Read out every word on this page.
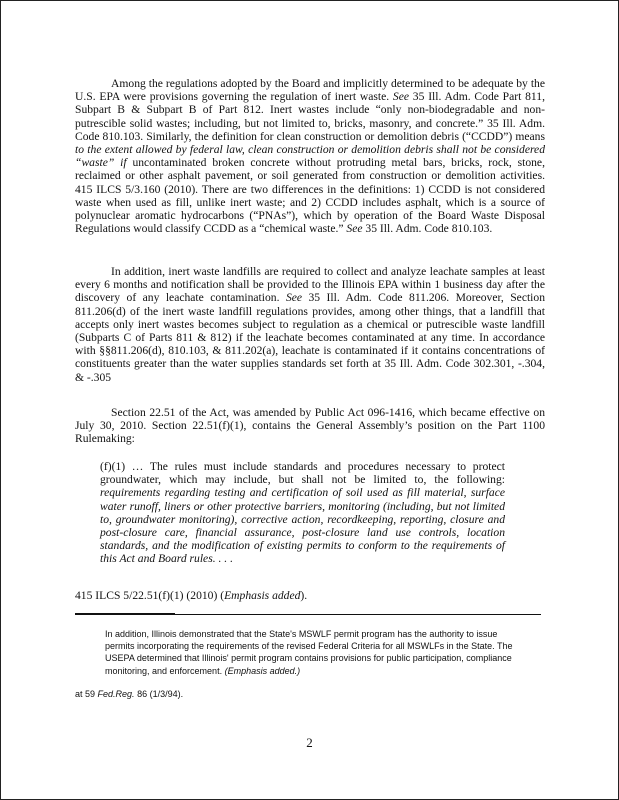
Among the regulations adopted by the Board and implicitly determined to be adequate by the U.S. EPA were provisions governing the regulation of inert waste. See 35 Ill. Adm. Code Part 811, Subpart B & Subpart B of Part 812. Inert wastes include “only non-biodegradable and non-putrescible solid wastes; including, but not limited to, bricks, masonry, and concrete.” 35 Ill. Adm. Code 810.103. Similarly, the definition for clean construction or demolition debris (“CCDD”) means to the extent allowed by federal law, clean construction or demolition debris shall not be considered “waste” if uncontaminated broken concrete without protruding metal bars, bricks, rock, stone, reclaimed or other asphalt pavement, or soil generated from construction or demolition activities. 415 ILCS 5/3.160 (2010). There are two differences in the definitions: 1) CCDD is not considered waste when used as fill, unlike inert waste; and 2) CCDD includes asphalt, which is a source of polynuclear aromatic hydrocarbons (“PNAs”), which by operation of the Board Waste Disposal Regulations would classify CCDD as a “chemical waste.” See 35 Ill. Adm. Code 810.103.

In addition, inert waste landfills are required to collect and analyze leachate samples at least every 6 months and notification shall be provided to the Illinois EPA within 1 business day after the discovery of any leachate contamination. See 35 Ill. Adm. Code 811.206. Moreover, Section 811.206(d) of the inert waste landfill regulations provides, among other things, that a landfill that accepts only inert wastes becomes subject to regulation as a chemical or putrescible waste landfill (Subparts C of Parts 811 & 812) if the leachate becomes contaminated at any time. In accordance with §§811.206(d), 810.103, & 811.202(a), leachate is contaminated if it contains concentrations of constituents greater than the water supplies standards set forth at 35 Ill. Adm. Code 302.301, -.304, & -.305

Section 22.51 of the Act, was amended by Public Act 096-1416, which became effective on July 30, 2010. Section 22.51(f)(1), contains the General Assembly’s position on the Part 1100 Rulemaking:

(f)(1) … The rules must include standards and procedures necessary to protect groundwater, which may include, but shall not be limited to, the following: requirements regarding testing and certification of soil used as fill material, surface water runoff, liners or other protective barriers, monitoring (including, but not limited to, groundwater monitoring), corrective action, recordkeeping, reporting, closure and post-closure care, financial assurance, post-closure land use controls, location standards, and the modification of existing permits to conform to the requirements of this Act and Board rules. . . .

415 ILCS 5/22.51(f)(1) (2010) (Emphasis added).

In addition, Illinois demonstrated that the State's MSWLF permit program has the authority to issue permits incorporating the requirements of the revised Federal Criteria for all MSWLFs in the State. The USEPA determined that Illinois' permit program contains provisions for public participation, compliance monitoring, and enforcement. (Emphasis added.)

at 59 Fed.Reg. 86 (1/3/94).

2
